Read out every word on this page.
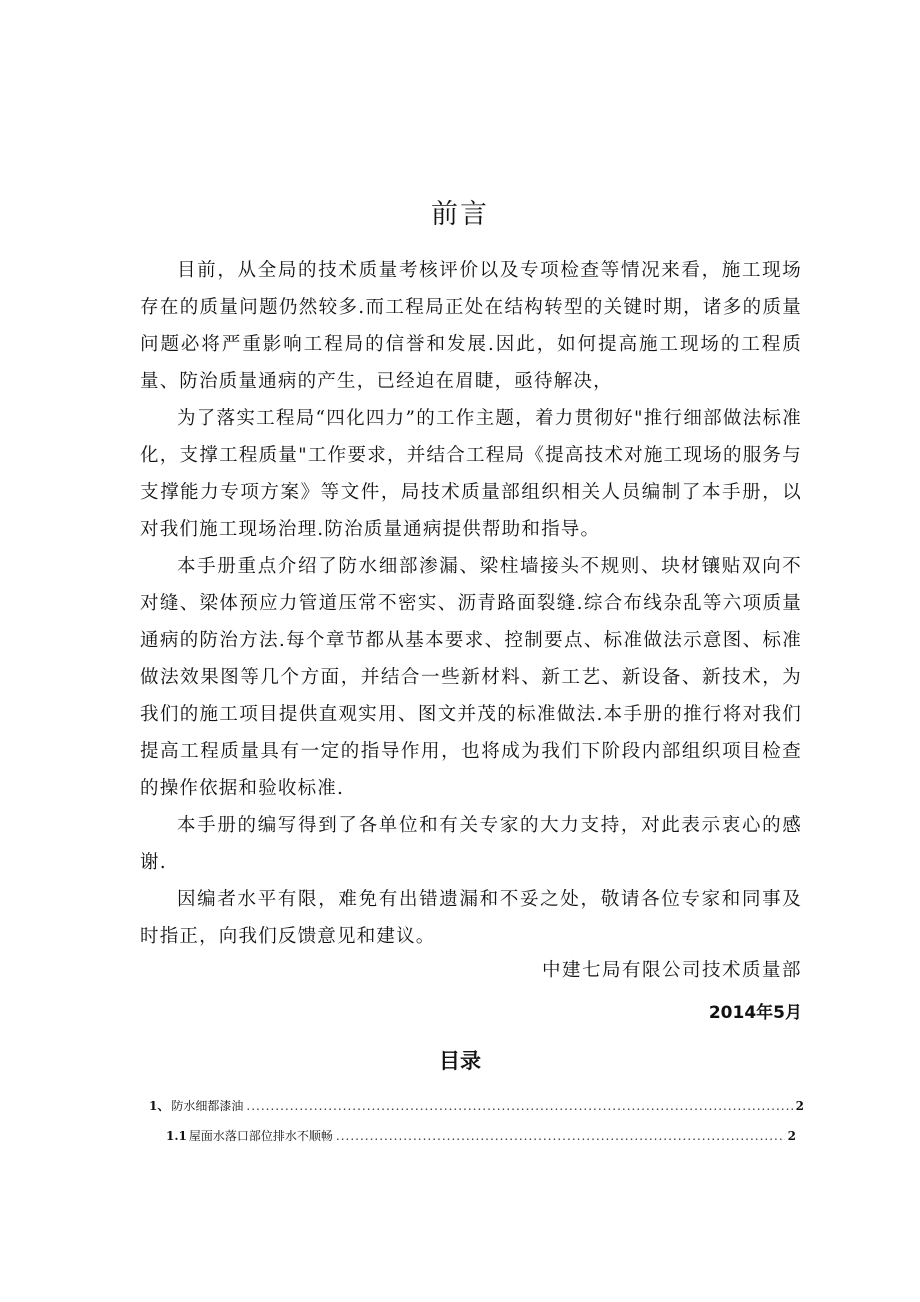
前言

目前，从全局的技术质量考核评价以及专项检查等情况来看，施工现场存在的质量问题仍然较多.而工程局正处在结构转型的关键时期，诸多的质量问题必将严重影响工程局的信誉和发展.因此，如何提高施工现场的工程质量、防治质量通病的产生，已经迫在眉睫，亟待解决，

为了落实工程局“四化四力”的工作主题，着力贯彻好"推行细部做法标准化，支撑工程质量"工作要求，并结合工程局《提高技术对施工现场的服务与支撑能力专项方案》等文件，局技术质量部组织相关人员编制了本手册，以对我们施工现场治理.防治质量通病提供帮助和指导。

本手册重点介绍了防水细部渗漏、梁柱墙接头不规则、块材镶贴双向不对缝、梁体预应力管道压常不密实、沥青路面裂缝.综合布线杂乱等六项质量通病的防治方法.每个章节都从基本要求、控制要点、标准做法示意图、标准做法效果图等几个方面，并结合一些新材料、新工艺、新设备、新技术，为我们的施工项目提供直观实用、图文并茂的标准做法.本手册的推行将对我们提高工程质量具有一定的指导作用，也将成为我们下阶段内部组织项目检查的操作依据和验收标准.

本手册的编写得到了各单位和有关专家的大力支持，对此表示衷心的感谢.

因编者水平有限，难免有出错遗漏和不妥之处，敬请各位专家和同事及时指正，向我们反馈意见和建议。

中建七局有限公司技术质量部

2014年5月

目录
1、 防水细都漆油 .....	2
1.1 屋面水落口部位排水不顺畅 .....	2
